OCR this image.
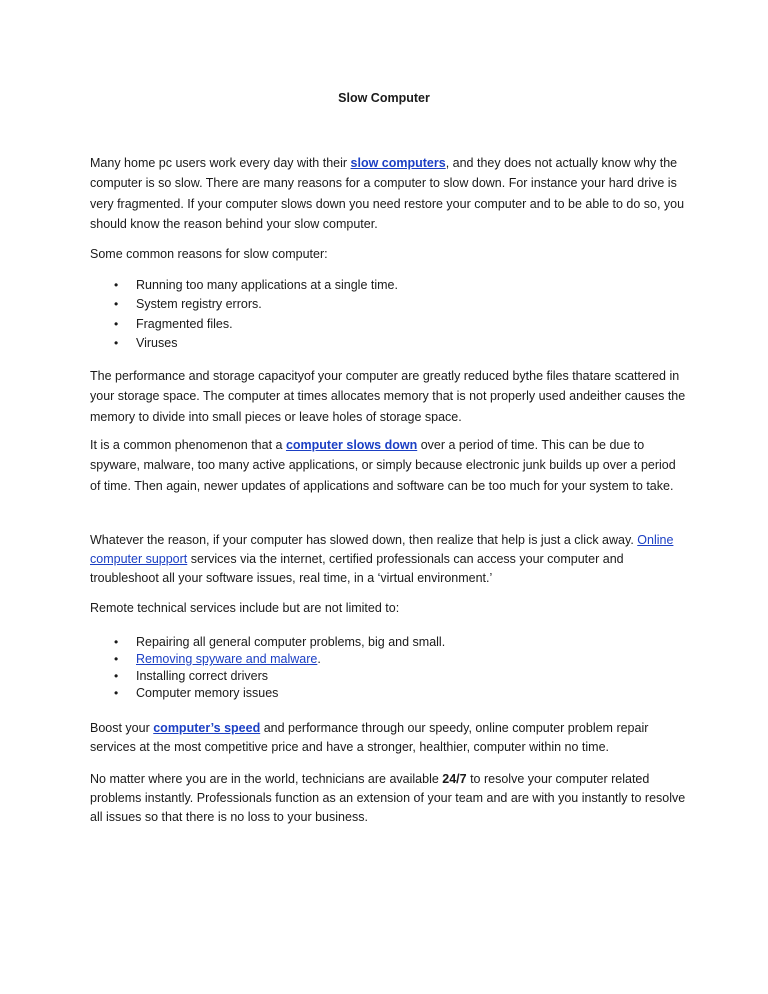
Slow Computer

Many home pc users work every day with their slow computers, and they does not actually know why the computer is so slow. There are many reasons for a computer to slow down. For instance your hard drive is very fragmented. If your computer slows down you need restore your computer and to be able to do so, you should know the reason behind your slow computer.

Some common reasons for slow computer:

• Running too many applications at a single time.
• System registry errors.
• Fragmented files.
• Viruses

The performance and storage capacityof your computer are greatly reduced bythe files thatare scattered in your storage space. The computer at times allocates memory that is not properly used andeither causes the memory to divide into small pieces or leave holes of storage space.

It is a common phenomenon that a computer slows down over a period of time. This can be due to spyware, malware, too many active applications, or simply because electronic junk builds up over a period of time. Then again, newer updates of applications and software can be too much for your system to take.

Whatever the reason, if your computer has slowed down, then realize that help is just a click away. Online computer support services via the internet, certified professionals can access your computer and troubleshoot all your software issues, real time, in a ‘virtual environment.’

Remote technical services include but are not limited to:

• Repairing all general computer problems, big and small.
• Removing spyware and malware.
• Installing correct drivers
• Computer memory issues

Boost your computer’s speed and performance through our speedy, online computer problem repair services at the most competitive price and have a stronger, healthier, computer within no time.

No matter where you are in the world, technicians are available 24/7 to resolve your computer related problems instantly. Professionals function as an extension of your team and are with you instantly to resolve all issues so that there is no loss to your business.
